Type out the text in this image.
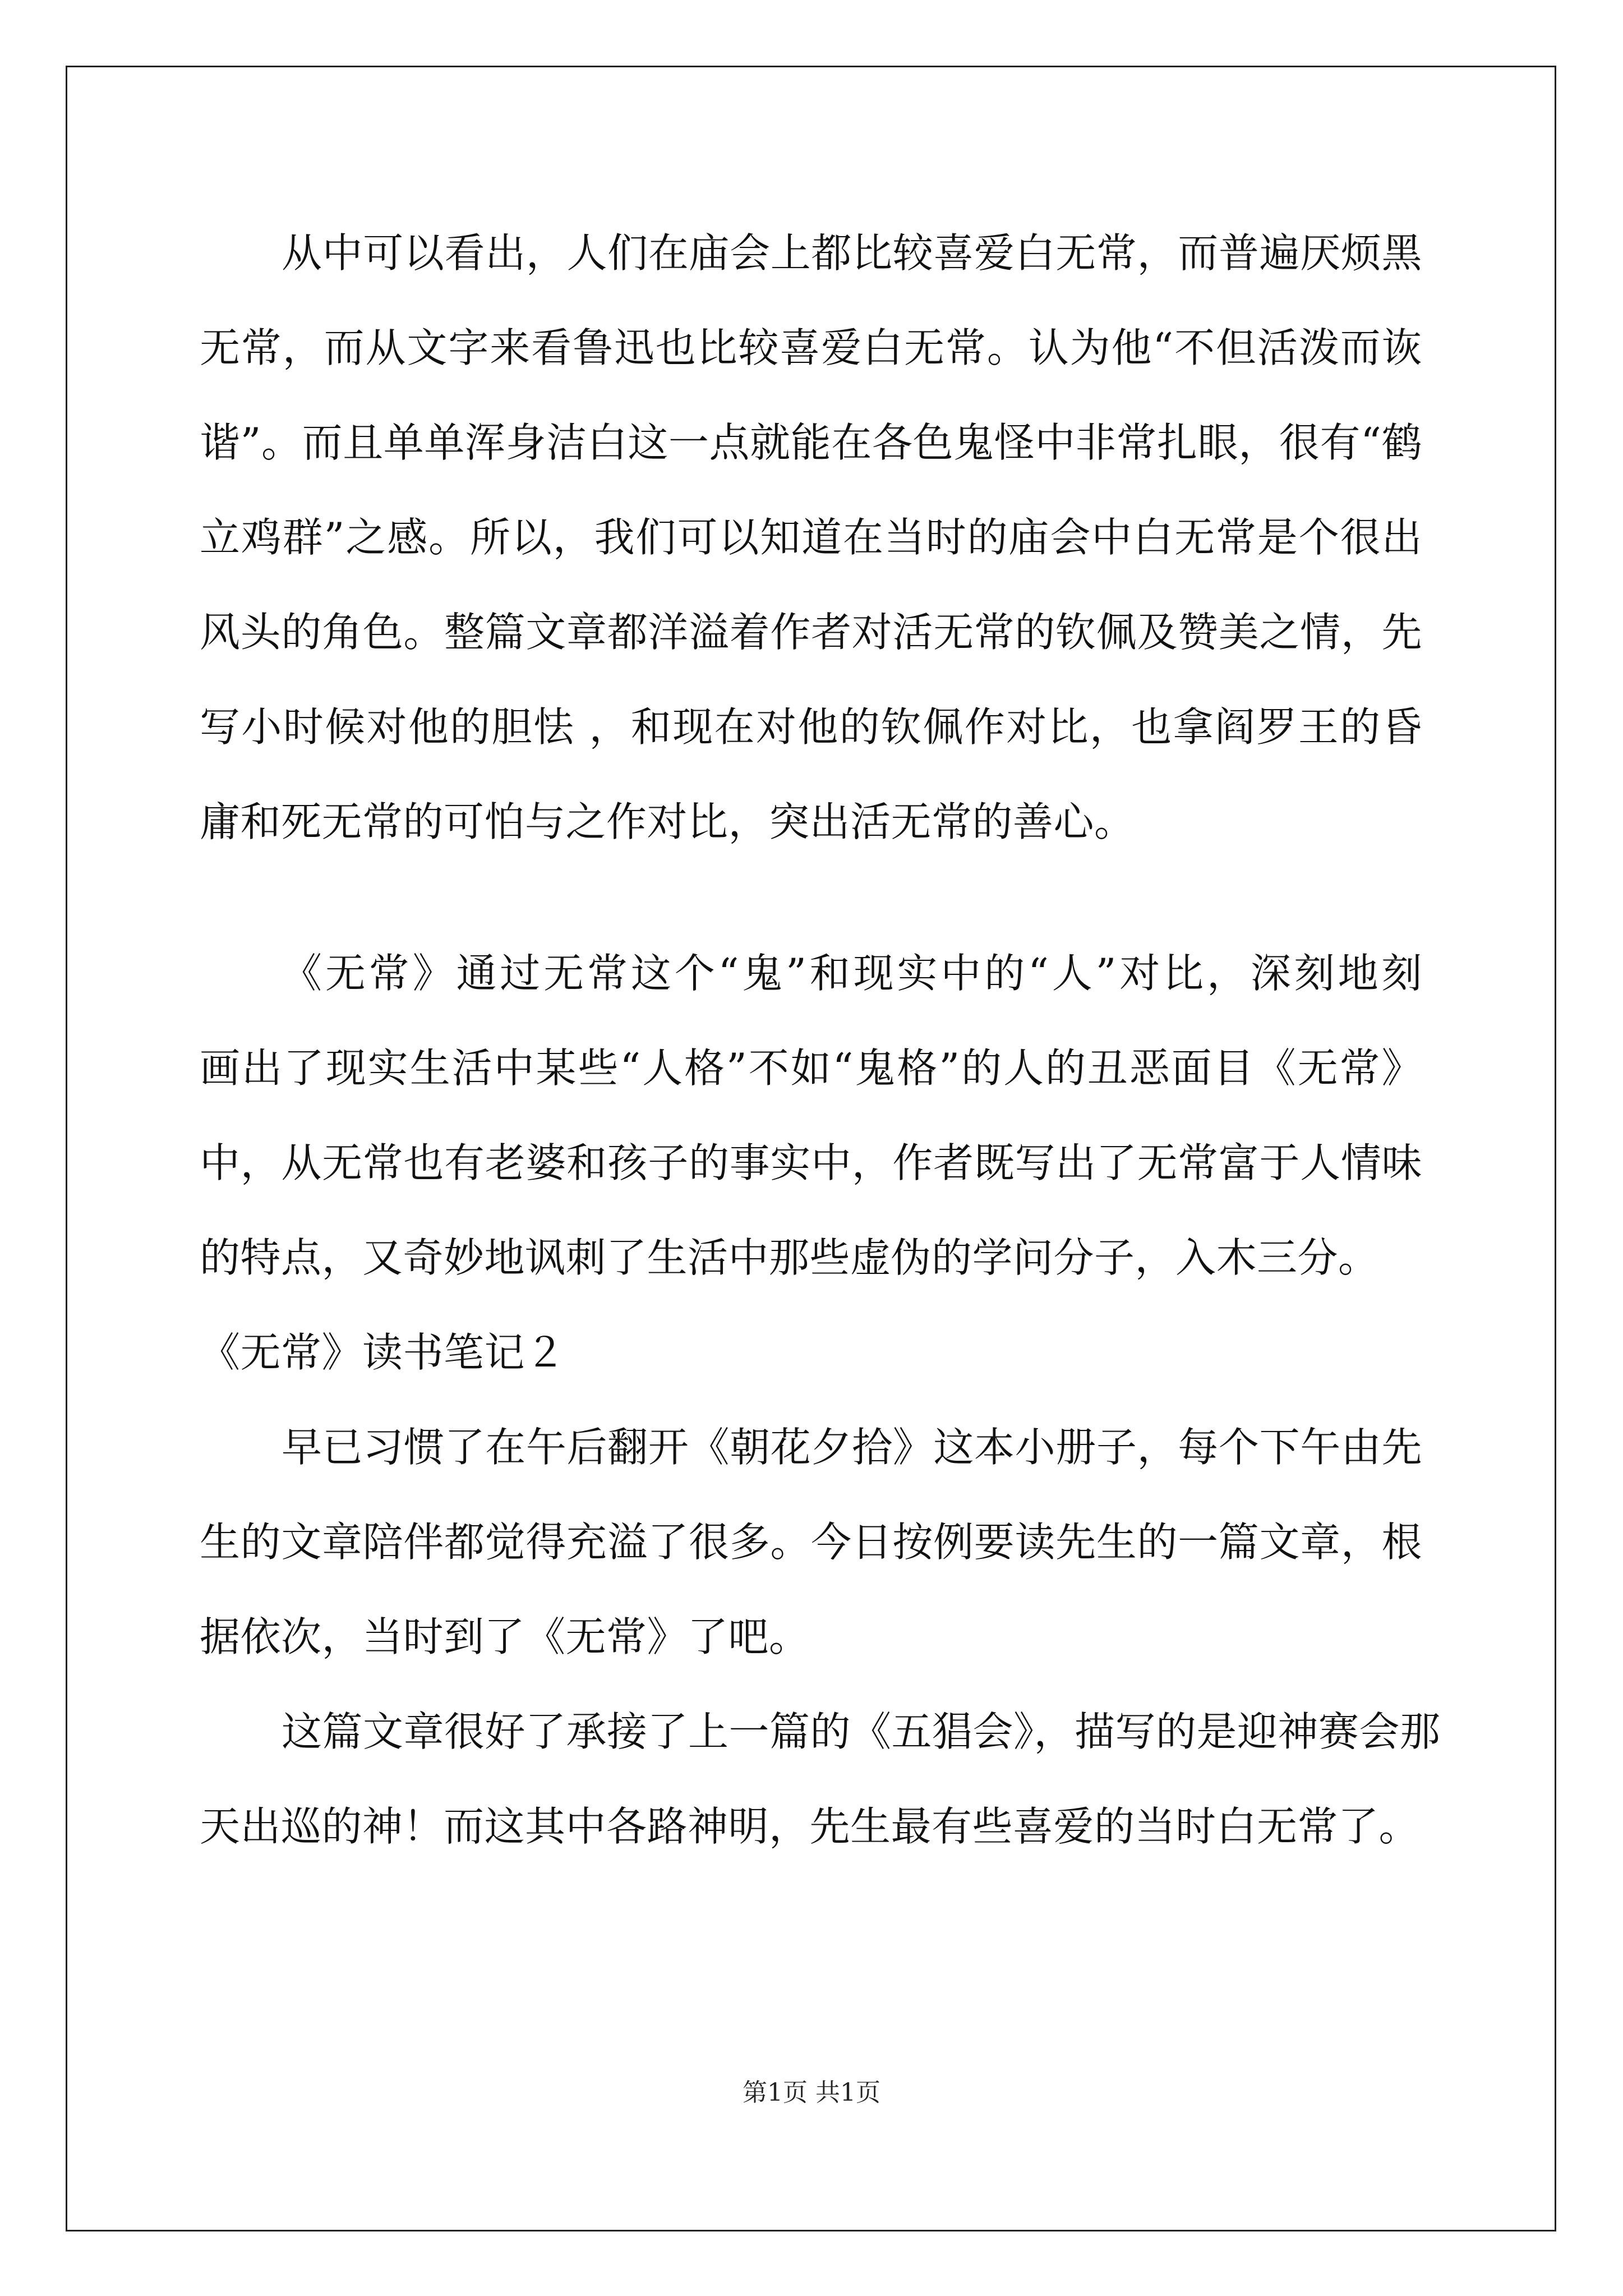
从中可以看出，人们在庙会上都比较喜爱白无常，而普遍厌烦黑
无常，而从文字来看鲁迅也比较喜爱白无常。认为他“不但活泼而诙
谐”。而且单单浑身洁白这一点就能在各色鬼怪中非常扎眼，很有“鹤
立鸡群”之感。所以，我们可以知道在当时的庙会中白无常是个很出
风头的角色。整篇文章都洋溢着作者对活无常的钦佩及赞美之情，先
写小时候对他的胆怯 ，和现在对他的钦佩作对比，也拿阎罗王的昏
庸和死无常的可怕与之作对比，突出活无常的善心。
《无常》通过无常这个“鬼”和现实中的“人”对比，深刻地刻
画出了现实生活中某些“人格”不如“鬼格”的人的丑恶面目《无常》
中，从无常也有老婆和孩子的事实中，作者既写出了无常富于人情味
的特点，又奇妙地讽刺了生活中那些虚伪的学问分子，入木三分。
《无常》读书笔记２
早已习惯了在午后翻开《朝花夕拾》这本小册子，每个下午由先
生的文章陪伴都觉得充溢了很多。今日按例要读先生的一篇文章，根
据依次，当时到了《无常》了吧。
这篇文章很好了承接了上一篇的《五猖会》，描写的是迎神赛会那
天出巡的神！而这其中各路神明，先生最有些喜爱的当时白无常了。
第1页 共1页
